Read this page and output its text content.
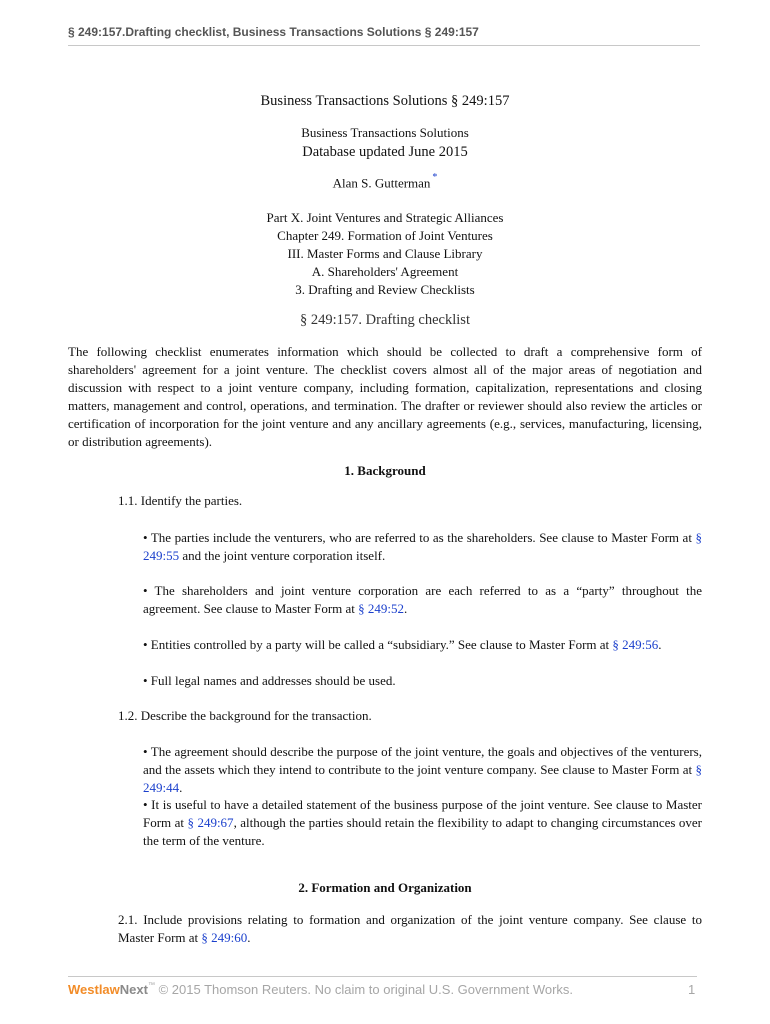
§ 249:157.Drafting checklist, Business Transactions Solutions § 249:157
Business Transactions Solutions § 249:157
Business Transactions Solutions
Database updated June 2015
Alan S. Gutterman *
Part X. Joint Ventures and Strategic Alliances
Chapter 249. Formation of Joint Ventures
III. Master Forms and Clause Library
A. Shareholders' Agreement
3. Drafting and Review Checklists
§ 249:157. Drafting checklist
The following checklist enumerates information which should be collected to draft a comprehensive form of shareholders' agreement for a joint venture. The checklist covers almost all of the major areas of negotiation and discussion with respect to a joint venture company, including formation, capitalization, representations and closing matters, management and control, operations, and termination. The drafter or reviewer should also review the articles or certification of incorporation for the joint venture and any ancillary agreements (e.g., services, manufacturing, licensing, or distribution agreements).
1. Background
1.1. Identify the parties.
• The parties include the venturers, who are referred to as the shareholders. See clause to Master Form at § 249:55 and the joint venture corporation itself.
• The shareholders and joint venture corporation are each referred to as a “party” throughout the agreement. See clause to Master Form at § 249:52.
• Entities controlled by a party will be called a “subsidiary.” See clause to Master Form at § 249:56.
• Full legal names and addresses should be used.
1.2. Describe the background for the transaction.
• The agreement should describe the purpose of the joint venture, the goals and objectives of the venturers, and the assets which they intend to contribute to the joint venture company. See clause to Master Form at § 249:44.
• It is useful to have a detailed statement of the business purpose of the joint venture. See clause to Master Form at § 249:67, although the parties should retain the flexibility to adapt to changing circumstances over the term of the venture.
2. Formation and Organization
2.1. Include provisions relating to formation and organization of the joint venture company. See clause to Master Form at § 249:60.
WestlawNext™ © 2015 Thomson Reuters. No claim to original U.S. Government Works.	1
